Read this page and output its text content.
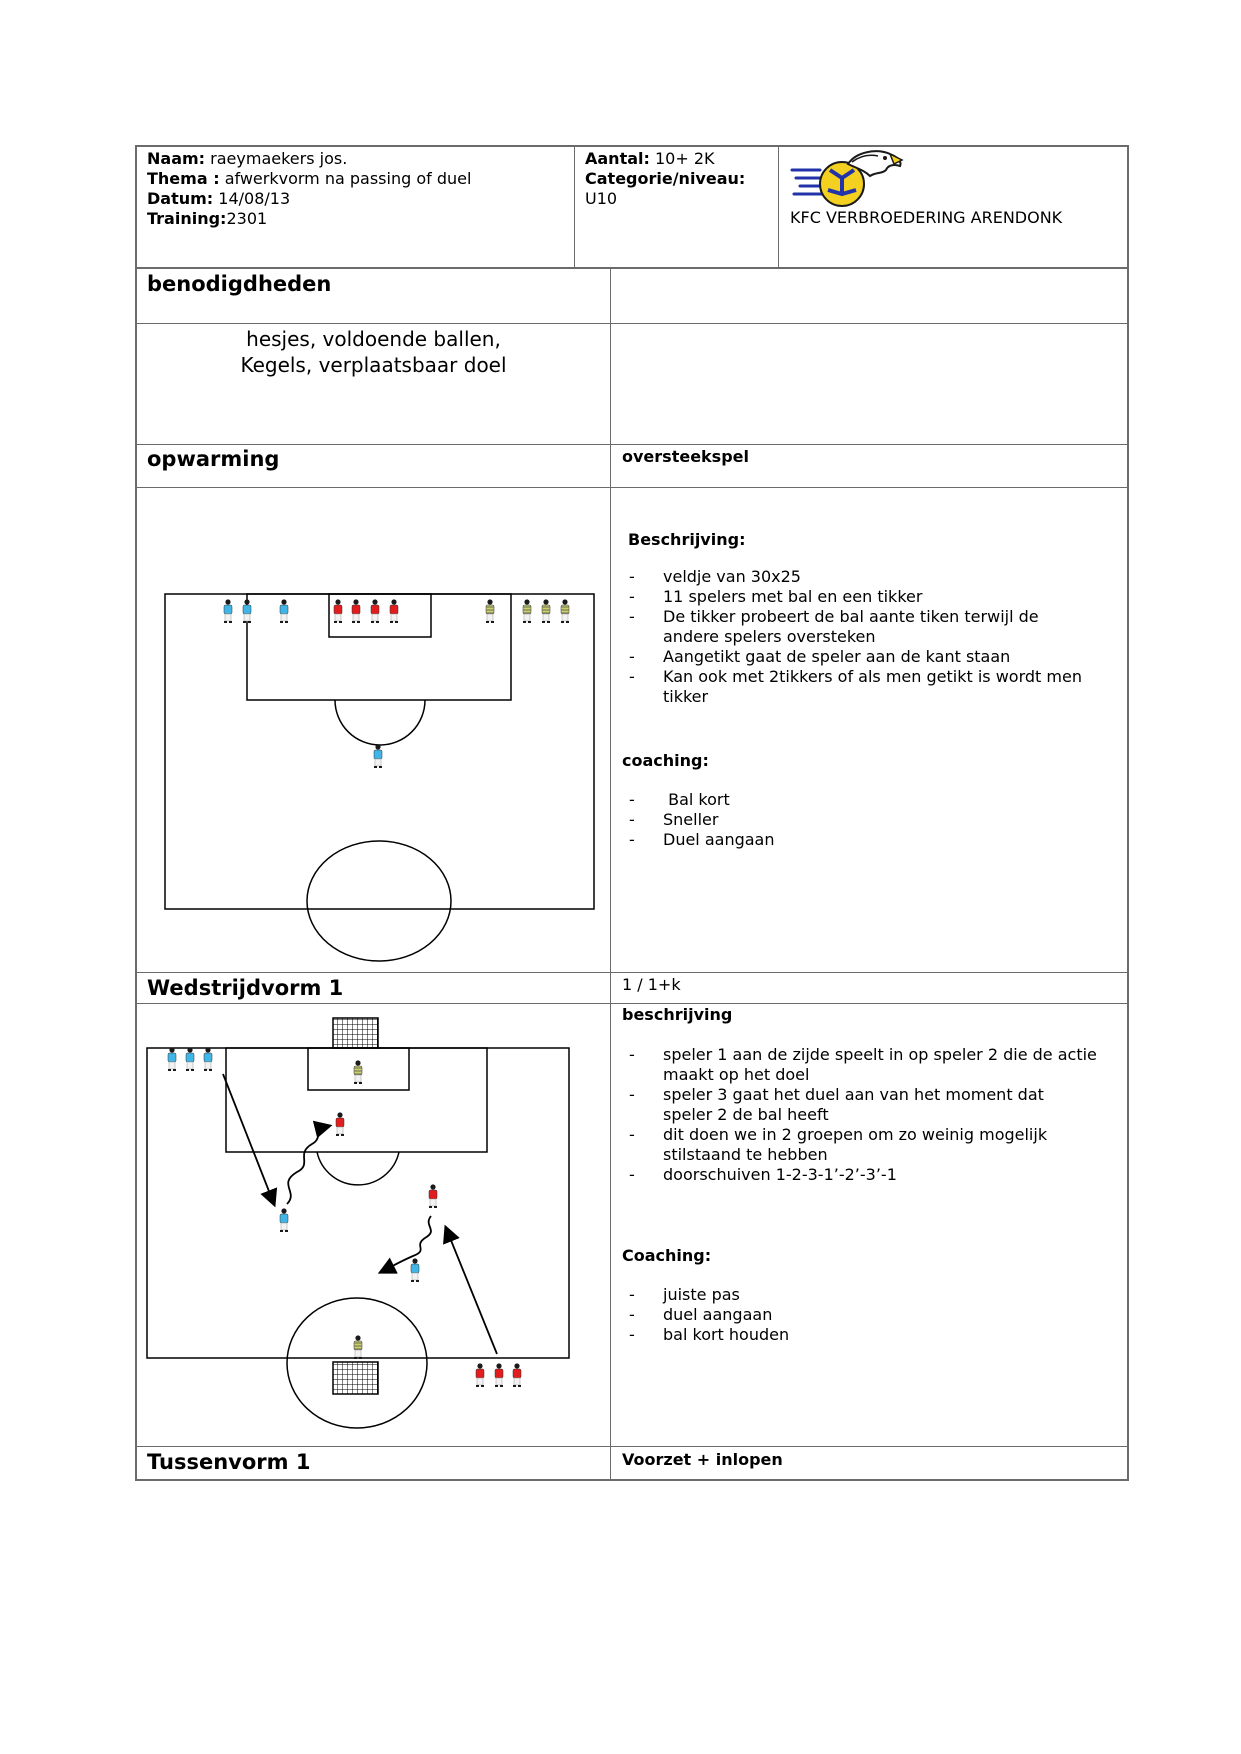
Naam: raeymaekers jos.
Thema : afwerkvorm na passing of duel
Datum: 14/08/13
Training:2301
Aantal: 10+ 2K
Categorie/niveau:
U10
KFC VERBROEDERING ARENDONK
benodigdheden
hesjes, voldoende ballen,
Kegels, verplaatsbaar doel
opwarming	oversteekspel
Beschrijving:
- veldje van 30x25
- 11 spelers met bal en een tikker
- De tikker probeert de bal aante tiken terwijl de andere spelers oversteken
- Aangetikt gaat de speler aan de kant staan
- Kan ook met 2tikkers of als men getikt is wordt men tikker
coaching:
-  Bal kort
- Sneller
- Duel aangaan
Wedstrijdvorm 1	1 / 1+k
beschrijving
- speler 1 aan de zijde speelt in op speler 2 die de actie maakt op het doel
- speler 3 gaat het duel aan van het moment dat speler 2 de bal heeft
- dit doen we in 2 groepen om zo weinig mogelijk stilstaand te hebben
- doorschuiven 1-2-3-1’-2’-3’-1
Coaching:
- juiste pas
- duel aangaan
- bal kort houden
Tussenvorm 1	Voorzet + inlopen
